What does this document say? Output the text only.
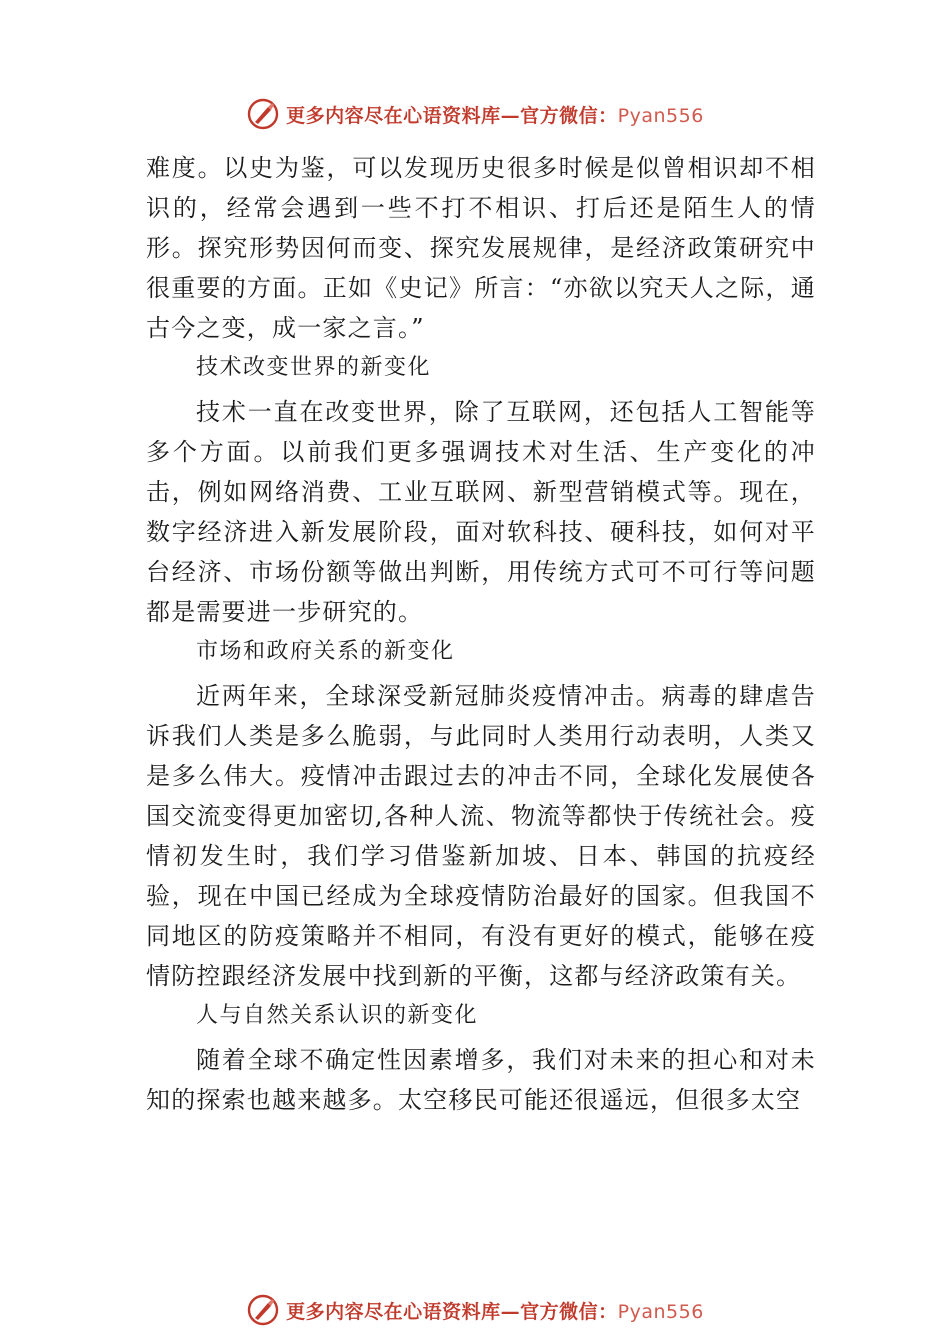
更多内容尽在心语资料库—官方微信：Pyan556

难度。以史为鉴，可以发现历史很多时候是似曾相识却不相识的，经常会遇到一些不打不相识、打后还是陌生人的情形。探究形势因何而变、探究发展规律，是经济政策研究中很重要的方面。正如《史记》所言：“亦欲以究天人之际，通古今之变，成一家之言。”

技术改变世界的新变化

技术一直在改变世界，除了互联网，还包括人工智能等多个方面。以前我们更多强调技术对生活、生产变化的冲击，例如网络消费、工业互联网、新型营销模式等。现在，数字经济进入新发展阶段，面对软科技、硬科技，如何对平台经济、市场份额等做出判断，用传统方式可不可行等问题都是需要进一步研究的。

市场和政府关系的新变化

近两年来，全球深受新冠肺炎疫情冲击。病毒的肆虐告诉我们人类是多么脆弱，与此同时人类用行动表明，人类又是多么伟大。疫情冲击跟过去的冲击不同，全球化发展使各国交流变得更加密切,各种人流、物流等都快于传统社会。疫情初发生时，我们学习借鉴新加坡、日本、韩国的抗疫经验，现在中国已经成为全球疫情防治最好的国家。但我国不同地区的防疫策略并不相同，有没有更好的模式，能够在疫情防控跟经济发展中找到新的平衡，这都与经济政策有关。

人与自然关系认识的新变化

随着全球不确定性因素增多，我们对未来的担心和对未知的探索也越来越多。太空移民可能还很遥远，但很多太空

更多内容尽在心语资料库—官方微信：Pyan556
